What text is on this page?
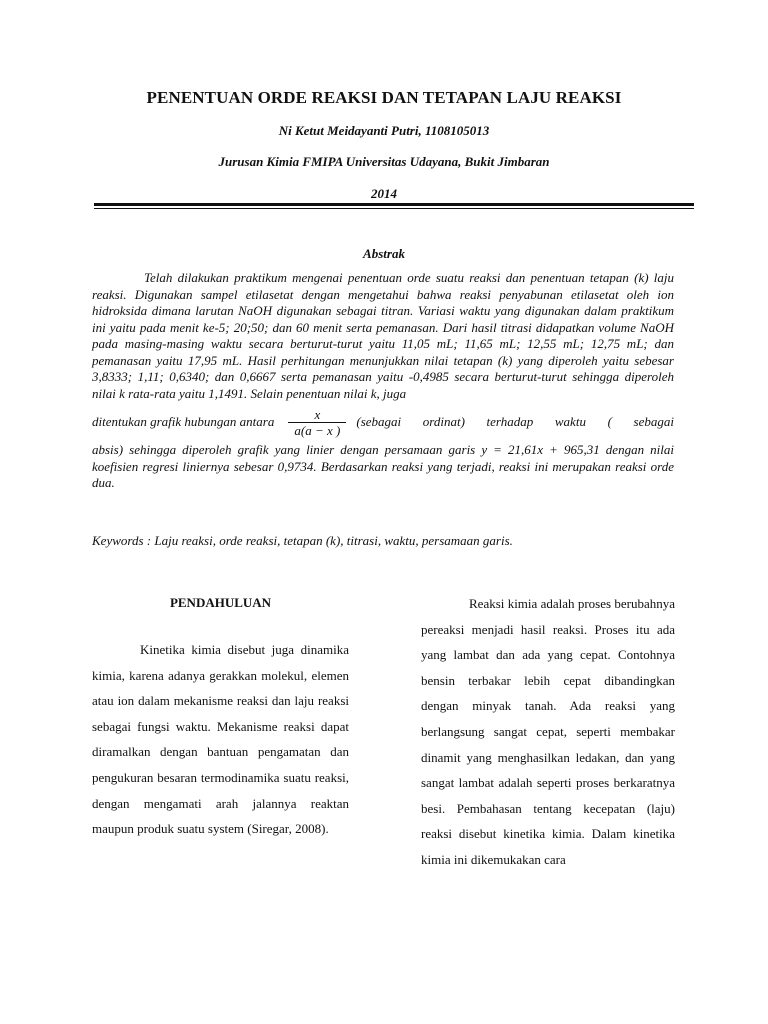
PENENTUAN ORDE REAKSI DAN TETAPAN LAJU REAKSI
Ni Ketut Meidayanti Putri, 1108105013
Jurusan Kimia FMIPA Universitas Udayana, Bukit Jimbaran
2014
Abstrak

Telah dilakukan praktikum mengenai penentuan orde suatu reaksi dan penentuan tetapan (k) laju reaksi. Digunakan sampel etilasetat dengan mengetahui bahwa reaksi penyabunan etilasetat oleh ion hidroksida dimana larutan NaOH digunakan sebagai titran. Variasi waktu yang digunakan dalam praktikum ini yaitu pada menit ke-5; 20;50; dan 60 menit serta pemanasan. Dari hasil titrasi didapatkan volume NaOH pada masing-masing waktu secara berturut-turut yaitu 11,05 mL; 11,65 mL; 12,55 mL; 12,75 mL; dan pemanasan yaitu 17,95 mL. Hasil perhitungan menunjukkan nilai tetapan (k) yang diperoleh yaitu sebesar 3,8333; 1,11; 0,6340; dan 0,6667 serta pemanasan yaitu -0,4985 secara berturut-turut sehingga diperoleh nilai k rata-rata yaitu 1,1491. Selain penentuan nilai k, juga

ditentukan grafik hubungan antara $\frac{x}{a(a - x )}$ (sebagai ordinat) terhadap waktu ( sebagai

absis) sehingga diperoleh grafik yang linier dengan persamaan garis y = 21,61x + 965,31 dengan nilai koefisien regresi liniernya sebesar 0,9734. Berdasarkan reaksi yang terjadi, reaksi ini merupakan reaksi orde dua.

Keywords : Laju reaksi, orde reaksi, tetapan (k), titrasi, waktu, persamaan garis.
PENDAHULUAN

Kinetika kimia disebut juga dinamika kimia, karena adanya gerakkan molekul, elemen atau ion dalam mekanisme reaksi dan laju reaksi sebagai fungsi waktu. Mekanisme reaksi dapat diramalkan dengan bantuan pengamatan dan pengukuran besaran termodinamika suatu reaksi, dengan mengamati arah jalannya reaktan maupun produk suatu system (Siregar, 2008).

Reaksi kimia adalah proses berubahnya pereaksi menjadi hasil reaksi. Proses itu ada yang lambat dan ada yang cepat. Contohnya bensin terbakar lebih cepat dibandingkan dengan minyak tanah. Ada reaksi yang berlangsung sangat cepat, seperti membakar dinamit yang menghasilkan ledakan, dan yang sangat lambat adalah seperti proses berkaratnya besi. Pembahasan tentang kecepatan (laju) reaksi disebut kinetika kimia. Dalam kinetika kimia ini dikemukakan cara
